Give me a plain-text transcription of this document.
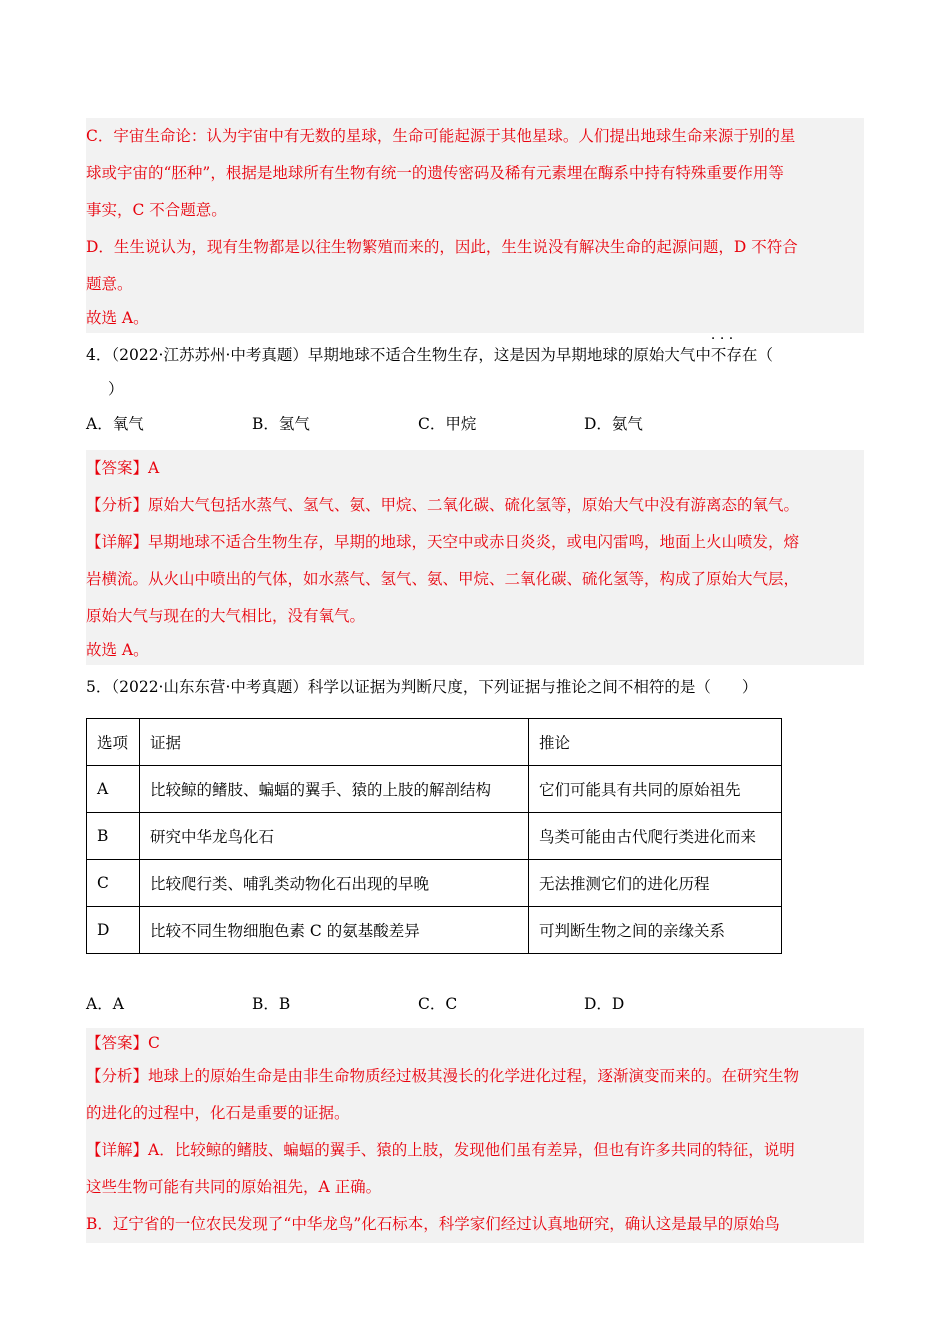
C．宇宙生命论：认为宇宙中有无数的星球，生命可能起源于其他星球。人们提出地球生命来源于别的星
球或宇宙的“胚种”，根据是地球所有生物有统一的遗传密码及稀有元素埋在酶系中持有特殊重要作用等
事实，C 不合题意。
D．生生说认为，现有生物都是以往生物繁殖而来的，因此，生生说没有解决生命的起源问题，D 不符合
题意。
故选 A。
4．（2022·江苏苏州·中考真题）早期地球不适合生物生存，这是因为早期地球的原始大气中· · 不存在（
）
A．氧气	B．氢气	C．甲烷	D．氨气
【答案】A
【分析】原始大气包括水蒸气、氢气、氨、甲烷、二氧化碳、硫化氢等，原始大气中没有游离态的氧气。
【详解】早期地球不适合生物生存，早期的地球，天空中或赤日炎炎，或电闪雷鸣，地面上火山喷发，熔
岩横流。从火山中喷出的气体，如水蒸气、氢气、氨、甲烷、二氧化碳、硫化氢等，构成了原始大气层，
原始大气与现在的大气相比，没有氧气。
故选 A。
5．（2022·山东东营·中考真题）科学以证据为判断尺度，下列证据与推论之间不相符的是（　　）
选项	证据	推论
A	比较鲸的鳍肢、蝙蝠的翼手、猿的上肢的解剖结构	它们可能具有共同的原始祖先
B	研究中华龙鸟化石	鸟类可能由古代爬行类进化而来
C	比较爬行类、哺乳类动物化石出现的早晚	无法推测它们的进化历程
D	比较不同生物细胞色素 C 的氨基酸差异	可判断生物之间的亲缘关系
A．A	B．B	C．C	D．D
【答案】C
【分析】地球上的原始生命是由非生命物质经过极其漫长的化学进化过程，逐渐演变而来的。在研究生物
的进化的过程中，化石是重要的证据。
【详解】A．比较鲸的鳍肢、蝙蝠的翼手、猿的上肢，发现他们虽有差异，但也有许多共同的特征，说明
这些生物可能有共同的原始祖先，A 正确。
B．辽宁省的一位农民发现了“中华龙鸟”化石标本，科学家们经过认真地研究，确认这是最早的原始鸟
